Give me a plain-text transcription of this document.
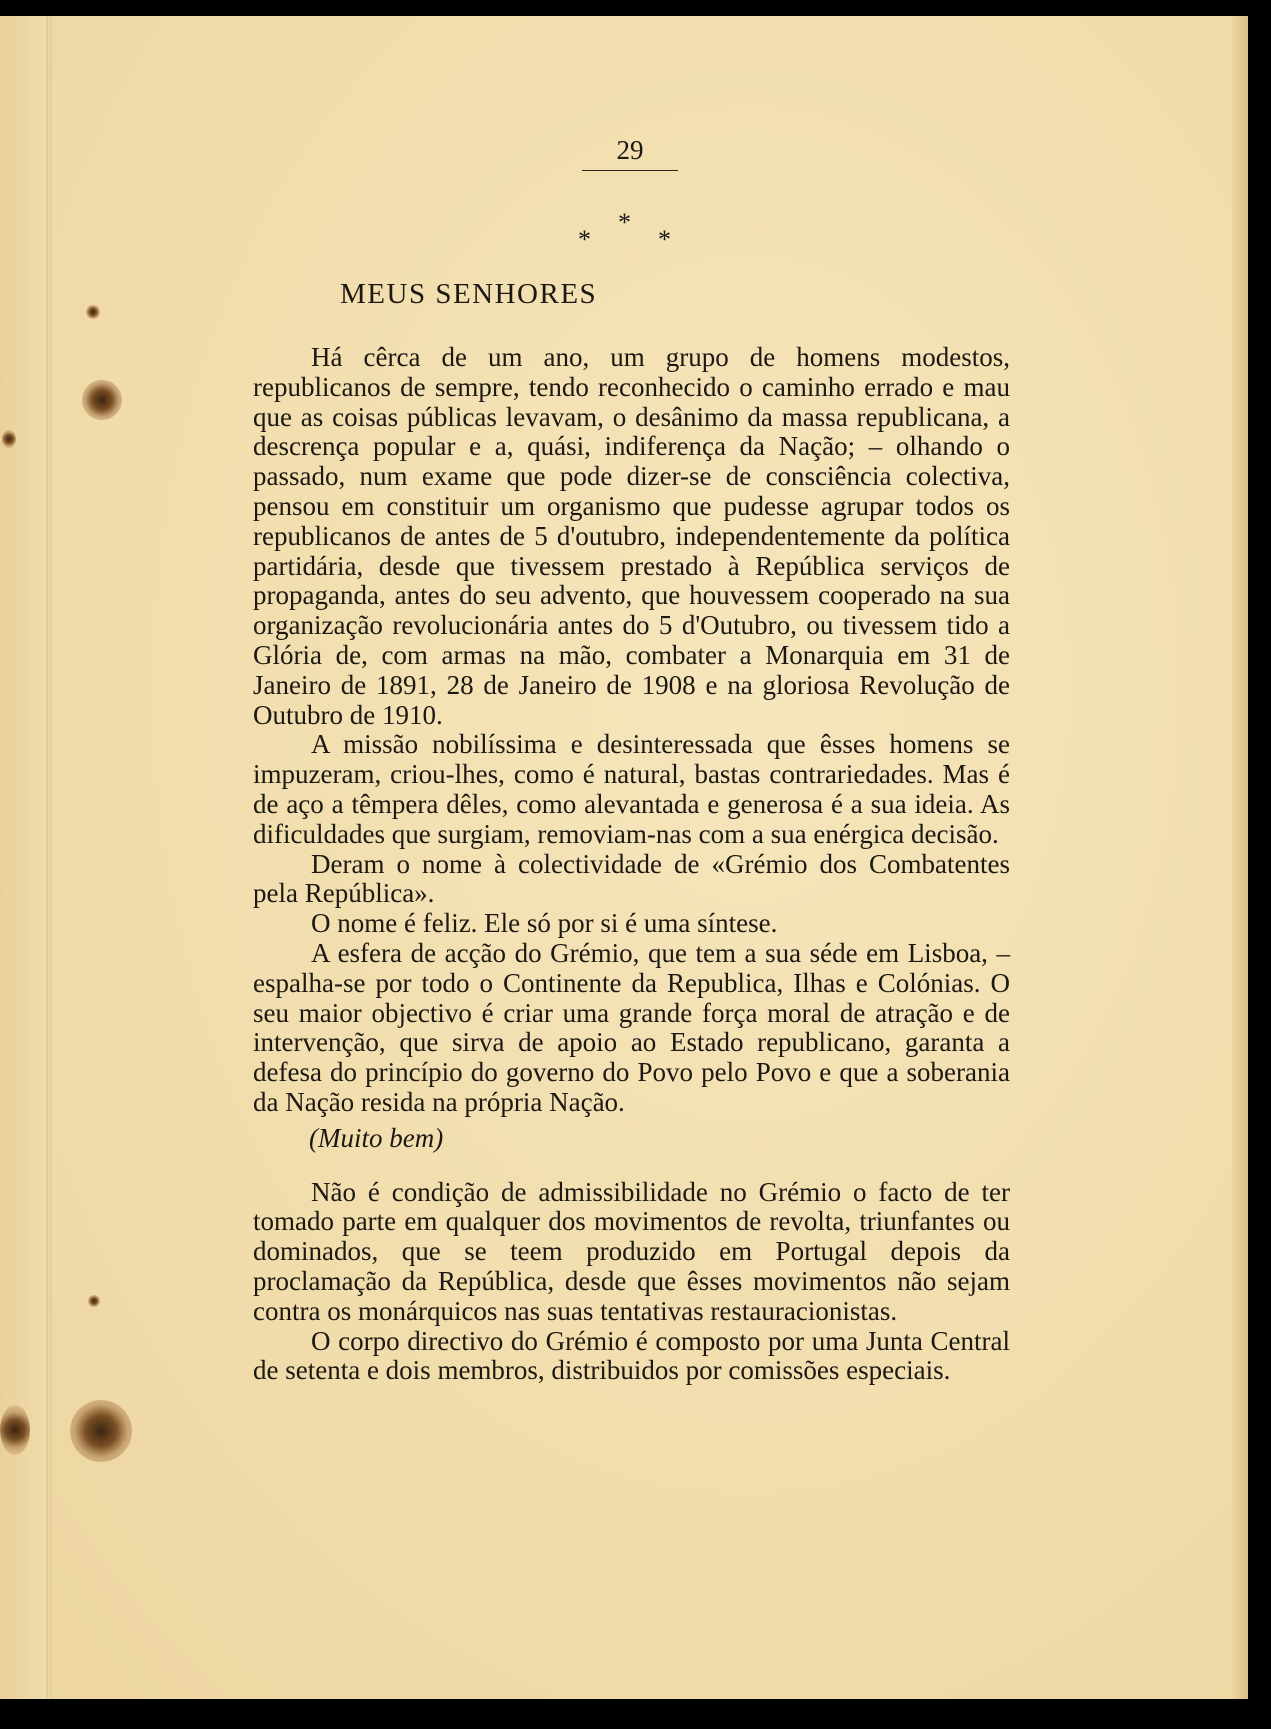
29
*
*	*
MEUS SENHORES

Há cêrca de um ano, um grupo de homens modestos, republicanos de sempre, tendo reconhecido o caminho errado e mau que as coisas públicas levavam, o desânimo da massa republicana, a descrença popular e a, quási, indiferença da Nação; – olhando o passado, num exame que pode dizer-se de consciência colectiva, pensou em constituir um organismo que pudesse agrupar todos os republicanos de antes de 5 d'outubro, independentemente da política partidária, desde que tivessem prestado à República serviços de propaganda, antes do seu advento, que houvessem cooperado na sua organização revolucionária antes do 5 d'Outubro, ou tivessem tido a Glória de, com armas na mão, combater a Monarquia em 31 de Janeiro de 1891, 28 de Janeiro de 1908 e na gloriosa Revolução de Outubro de 1910.

A missão nobilíssima e desinteressada que êsses homens se impuzeram, criou-lhes, como é natural, bastas contrariedades. Mas é de aço a têmpera dêles, como alevantada e generosa é a sua ideia. As dificuldades que surgiam, removiam-nas com a sua enérgica decisão.

Deram o nome à colectividade de «Grémio dos Combatentes pela República».

O nome é feliz. Ele só por si é uma síntese.

A esfera de acção do Grémio, que tem a sua séde em Lisboa, – espalha-se por todo o Continente da Republica, Ilhas e Colónias. O seu maior objectivo é criar uma grande força moral de atração e de intervenção, que sirva de apoio ao Estado republicano, garanta a defesa do princípio do governo do Povo pelo Povo e que a soberania da Nação resida na própria Nação.

(Muito bem)

Não é condição de admissibilidade no Grémio o facto de ter tomado parte em qualquer dos movimentos de revolta, triunfantes ou dominados, que se teem produzido em Portugal depois da proclamação da República, desde que êsses movimentos não sejam contra os monárquicos nas suas tentativas restauracionistas.

O corpo directivo do Grémio é composto por uma Junta Central de setenta e dois membros, distribuidos por comissões especiais.
